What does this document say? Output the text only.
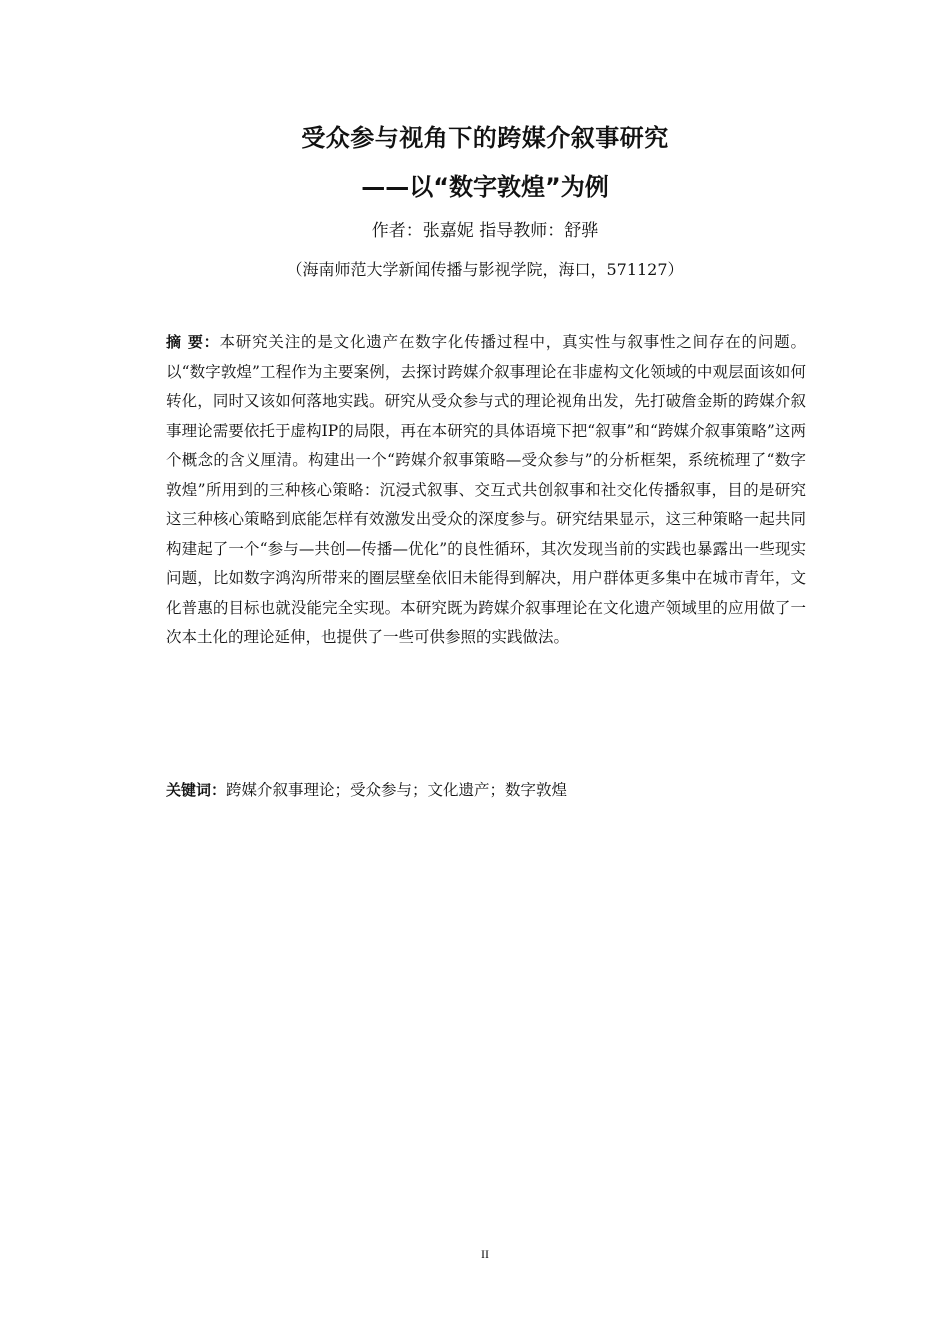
受众参与视角下的跨媒介叙事研究
——以“数字敦煌”为例
作者：张嘉妮 指导教师：舒骅
（海南师范大学新闻传播与影视学院，海口，571127）

摘 要：本研究关注的是文化遗产在数字化传播过程中，真实性与叙事性之间存在的问题。以“数字敦煌”工程作为主要案例，去探讨跨媒介叙事理论在非虚构文化领域的中观层面该如何转化，同时又该如何落地实践。研究从受众参与式的理论视角出发，先打破詹金斯的跨媒介叙事理论需要依托于虚构IP的局限，再在本研究的具体语境下把“叙事”和“跨媒介叙事策略”这两个概念的含义厘清。构建出一个“跨媒介叙事策略—受众参与”的分析框架，系统梳理了“数字敦煌”所用到的三种核心策略：沉浸式叙事、交互式共创叙事和社交化传播叙事，目的是研究这三种核心策略到底能怎样有效激发出受众的深度参与。研究结果显示，这三种策略一起共同构建起了一个“参与—共创—传播—优化”的良性循环，其次发现当前的实践也暴露出一些现实问题，比如数字鸿沟所带来的圈层壁垒依旧未能得到解决，用户群体更多集中在城市青年，文化普惠的目标也就没能完全实现。本研究既为跨媒介叙事理论在文化遗产领域里的应用做了一次本土化的理论延伸，也提供了一些可供参照的实践做法。

关键词：跨媒介叙事理论；受众参与；文化遗产；数字敦煌

II
